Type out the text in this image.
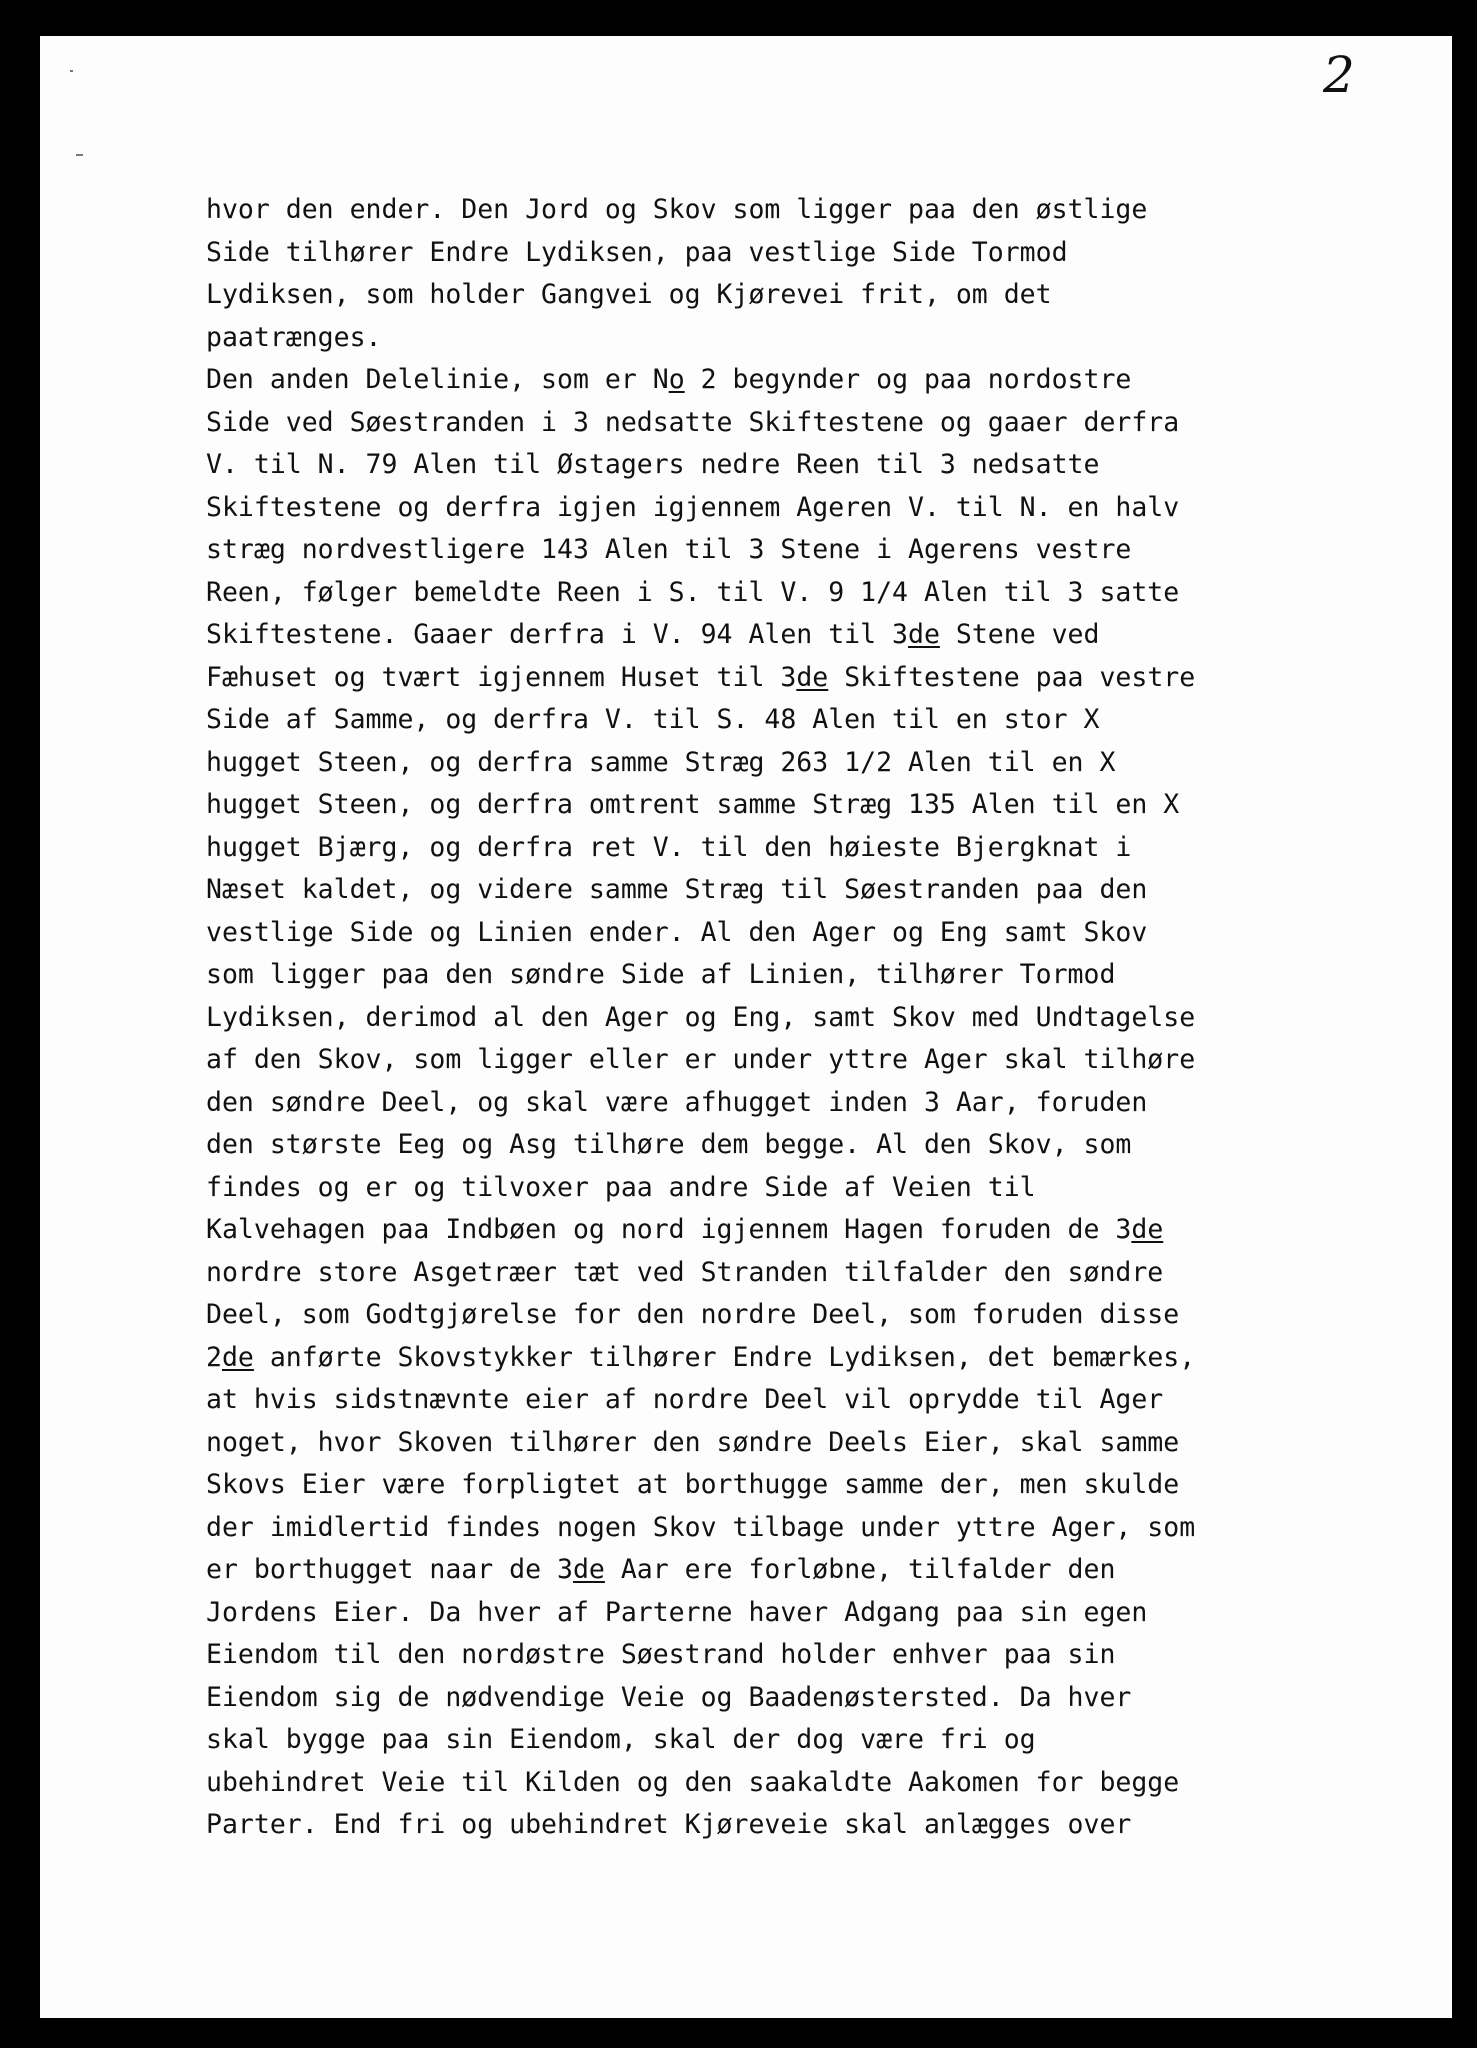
2
hvor den ender. Den Jord og Skov som ligger paa den østlige
Side tilhører Endre Lydiksen, paa vestlige Side Tormod
Lydiksen, som holder Gangvei og Kjørevei frit, om det
paatrænges.
Den anden Delelinie, som er No 2 begynder og paa nordostre
Side ved Søestranden i 3 nedsatte Skiftestene og gaaer derfra
V. til N. 79 Alen til Østagers nedre Reen til 3 nedsatte
Skiftestene og derfra igjen igjennem Ageren V. til N. en halv
stræg nordvestligere 143 Alen til 3 Stene i Agerens vestre
Reen, følger bemeldte Reen i S. til V. 9 1/4 Alen til 3 satte
Skiftestene. Gaaer derfra i V. 94 Alen til 3de Stene ved
Fæhuset og tvært igjennem Huset til 3de Skiftestene paa vestre
Side af Samme, og derfra V. til S. 48 Alen til en stor X
hugget Steen, og derfra samme Stræg 263 1/2 Alen til en X
hugget Steen, og derfra omtrent samme Stræg 135 Alen til en X
hugget Bjærg, og derfra ret V. til den høieste Bjergknat i
Næset kaldet, og videre samme Stræg til Søestranden paa den
vestlige Side og Linien ender. Al den Ager og Eng samt Skov
som ligger paa den søndre Side af Linien, tilhører Tormod
Lydiksen, derimod al den Ager og Eng, samt Skov med Undtagelse
af den Skov, som ligger eller er under yttre Ager skal tilhøre
den søndre Deel, og skal være afhugget inden 3 Aar, foruden
den største Eeg og Asg tilhøre dem begge. Al den Skov, som
findes og er og tilvoxer paa andre Side af Veien til
Kalvehagen paa Indbøen og nord igjennem Hagen foruden de 3de
nordre store Asgetræer tæt ved Stranden tilfalder den søndre
Deel, som Godtgjørelse for den nordre Deel, som foruden disse
2de anførte Skovstykker tilhører Endre Lydiksen, det bemærkes,
at hvis sidstnævnte eier af nordre Deel vil oprydde til Ager
noget, hvor Skoven tilhører den søndre Deels Eier, skal samme
Skovs Eier være forpligtet at borthugge samme der, men skulde
der imidlertid findes nogen Skov tilbage under yttre Ager, som
er borthugget naar de 3de Aar ere forløbne, tilfalder den
Jordens Eier. Da hver af Parterne haver Adgang paa sin egen
Eiendom til den nordøstre Søestrand holder enhver paa sin
Eiendom sig de nødvendige Veie og Baadenøstersted. Da hver
skal bygge paa sin Eiendom, skal der dog være fri og
ubehindret Veie til Kilden og den saakaldte Aakomen for begge
Parter. End fri og ubehindret Kjøreveie skal anlægges over
